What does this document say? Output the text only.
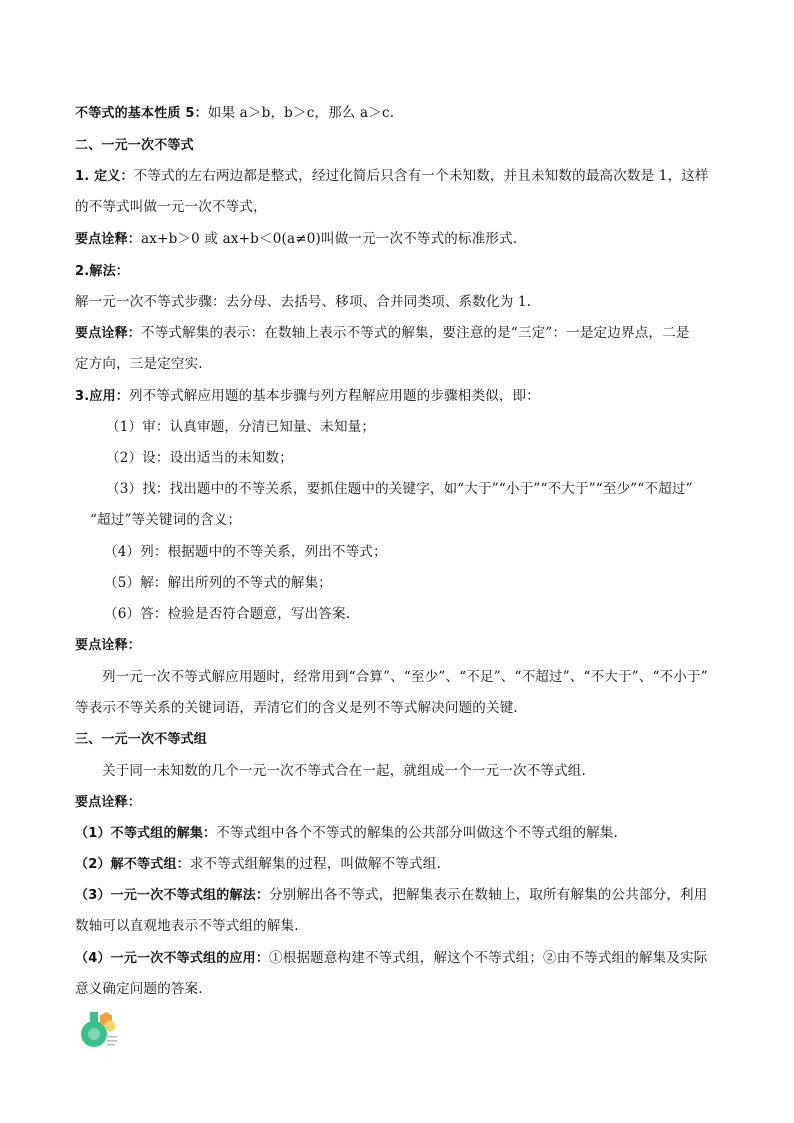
不等式的基本性质 5：如果 a＞b，b＞c，那么 a＞c.
二、一元一次不等式
1. 定义：不等式的左右两边都是整式，经过化简后只含有一个未知数，并且未知数的最高次数是 1，这样
的不等式叫做一元一次不等式，
要点诠释：ax+b＞0 或 ax+b＜0(a≠0)叫做一元一次不等式的标准形式.
2.解法：
解一元一次不等式步骤：去分母、去括号、移项、合并同类项、系数化为 1.
要点诠释：不等式解集的表示：在数轴上表示不等式的解集，要注意的是“三定”：一是定边界点，二是
定方向，三是定空实.
3.应用：列不等式解应用题的基本步骤与列方程解应用题的步骤相类似，即：
（1）审：认真审题，分清已知量、未知量；
（2）设：设出适当的未知数；
（3）找：找出题中的不等关系，要抓住题中的关键字，如“大于”“小于”“不大于”“至少”“不超过”
“超过”等关键词的含义；
（4）列：根据题中的不等关系，列出不等式；
（5）解：解出所列的不等式的解集；
（6）答：检验是否符合题意，写出答案.
要点诠释：
列一元一次不等式解应用题时，经常用到“合算”、“至少”、“不足”、“不超过”、“不大于”、“不小于”
等表示不等关系的关键词语，弄清它们的含义是列不等式解决问题的关键.
三、一元一次不等式组
关于同一未知数的几个一元一次不等式合在一起，就组成一个一元一次不等式组.
要点诠释：
（1）不等式组的解集：不等式组中各个不等式的解集的公共部分叫做这个不等式组的解集.
（2）解不等式组：求不等式组解集的过程，叫做解不等式组.
（3）一元一次不等式组的解法：分别解出各不等式，把解集表示在数轴上，取所有解集的公共部分，利用
数轴可以直观地表示不等式组的解集.
（4）一元一次不等式组的应用：①根据题意构建不等式组，解这个不等式组；②由不等式组的解集及实际
意义确定问题的答案.
